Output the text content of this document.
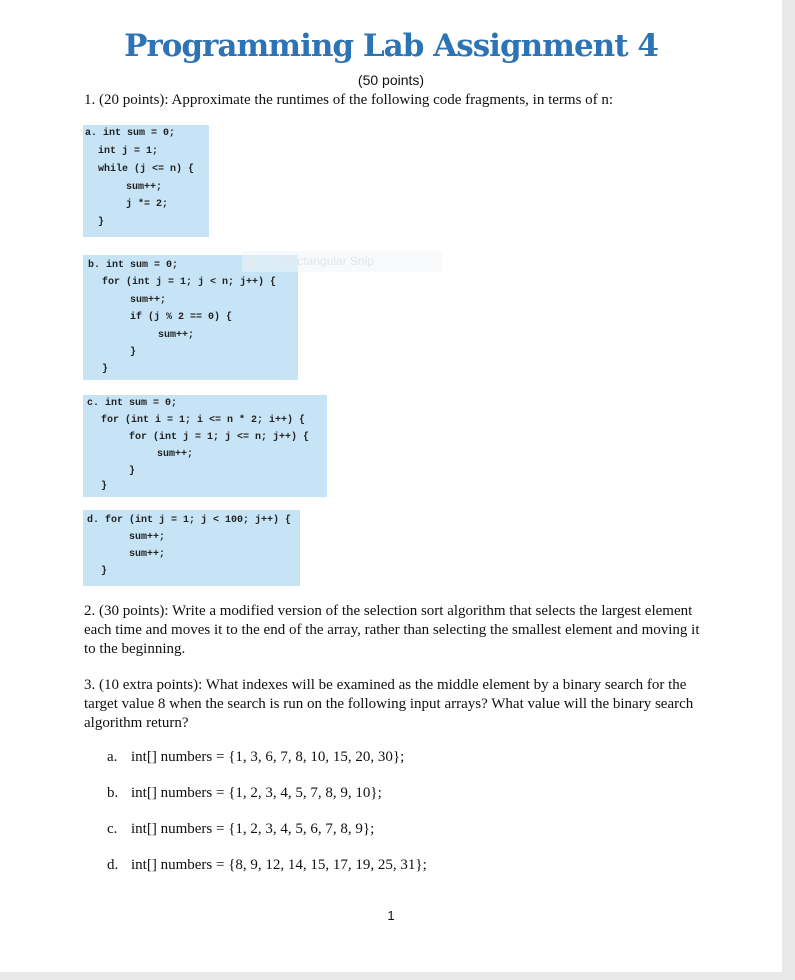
Programming Lab Assignment 4
(50 points)
1. (20 points): Approximate the runtimes of the following code fragments, in terms of n:
a. int sum = 0;
int j = 1;
while (j <= n) {
sum++;
j *= 2;
}
b. int sum = 0;
for (int j = 1; j < n; j++) {
sum++;
if (j % 2 == 0) {
sum++;
}
}
Rectangular Snip
c. int sum = 0;
for (int i = 1; i <= n * 2; i++) {
for (int j = 1; j <= n; j++) {
sum++;
}
}
d. for (int j = 1; j < 100; j++) {
sum++;
sum++;
}
2. (30 points): Write a modified version of the selection sort algorithm that selects the largest element each time and moves it to the end of the array, rather than selecting the smallest element and moving it to the beginning.
3. (10 extra points): What indexes will be examined as the middle element by a binary search for the target value 8 when the search is run on the following input arrays? What value will the binary search algorithm return?
a. int[] numbers = {1, 3, 6, 7, 8, 10, 15, 20, 30};
b. int[] numbers = {1, 2, 3, 4, 5, 7, 8, 9, 10};
c. int[] numbers = {1, 2, 3, 4, 5, 6, 7, 8, 9};
d. int[] numbers = {8, 9, 12, 14, 15, 17, 19, 25, 31};
1
